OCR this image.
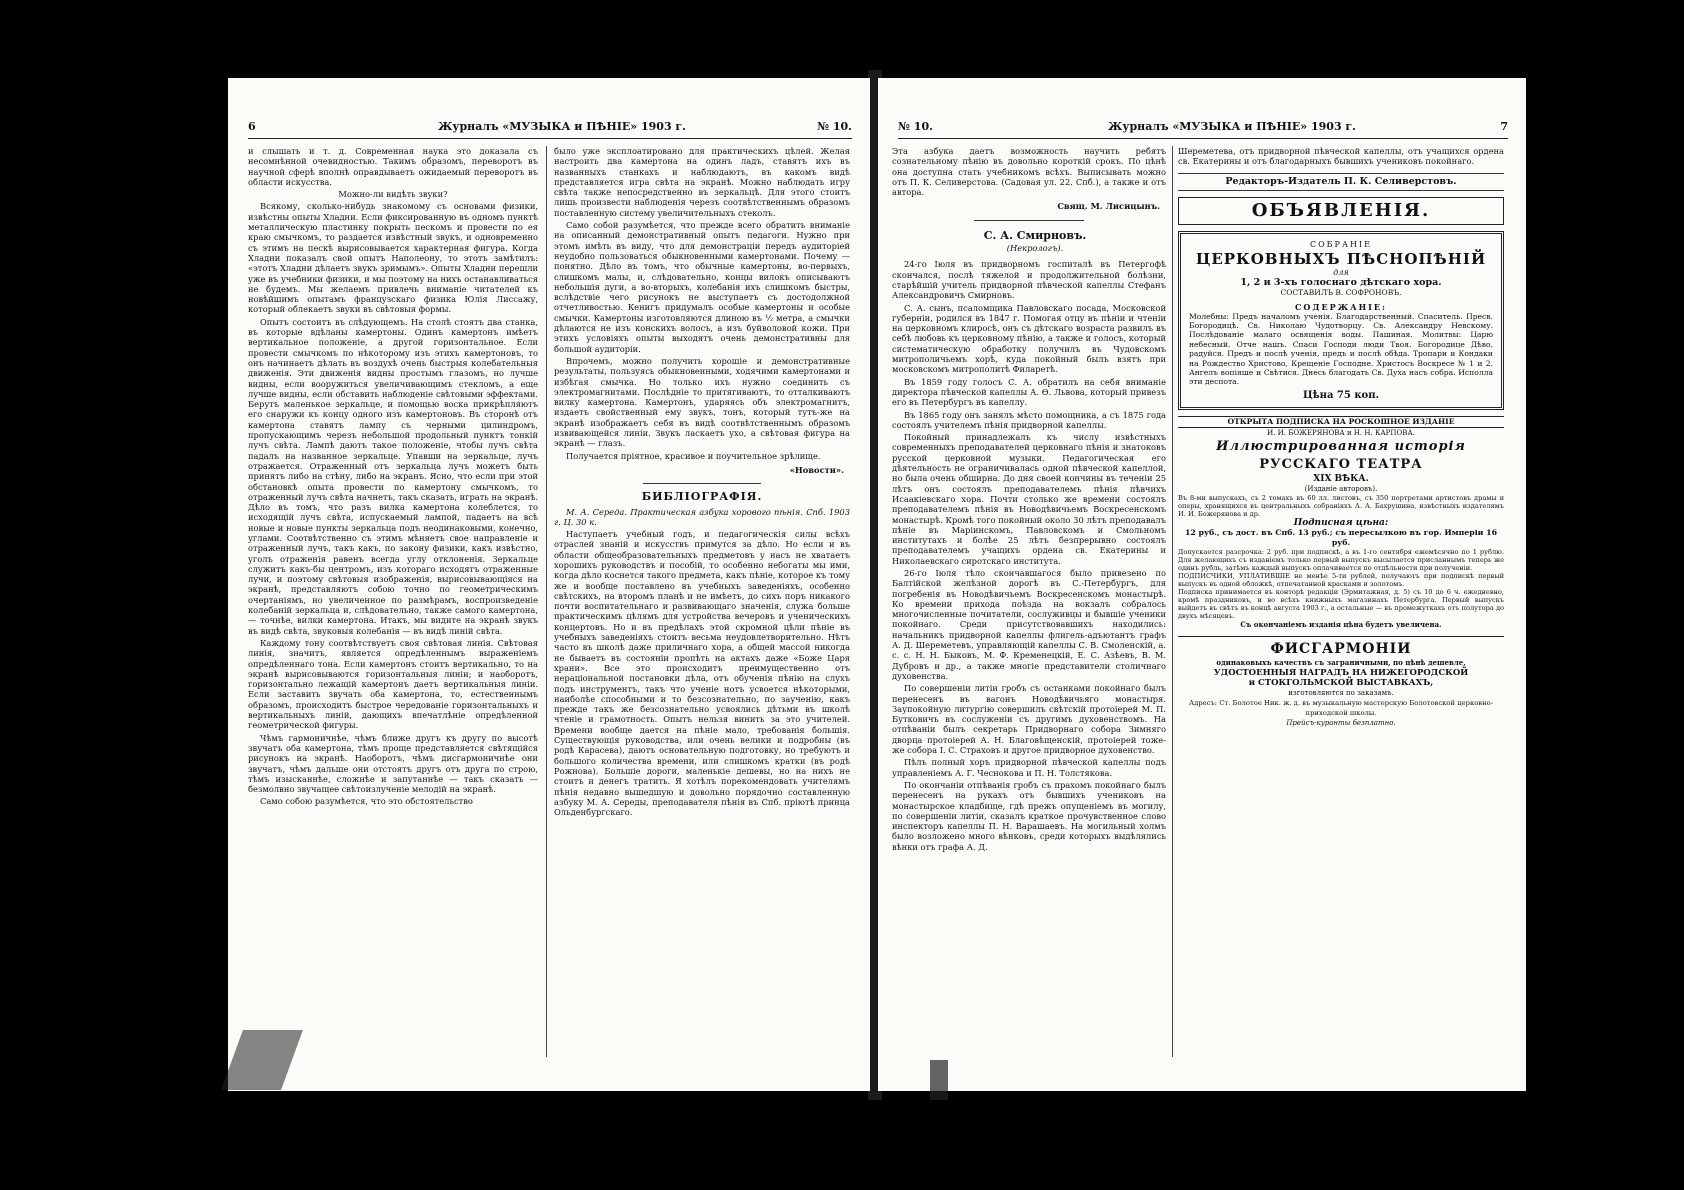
6	Журналъ «МУЗЫКА и ПѢНІЕ» 1903 г.	№ 10.

и слышать и т. д. Современная наука это доказала съ несомнѣнной очевидностью. Такимъ образомъ, переворотъ въ научной сферѣ вполнѣ оправдываетъ ожидаемый переворотъ въ области искусства.

Можно-ли видѣть звуки?

Всякому, сколько-нибудь знакомому съ основами физики, извѣстны опыты Хладни. Если фиксированную въ одномъ пунктѣ металлическую пластинку покрыть пескомъ и провести по ея краю смычкомъ, то раздается извѣстный звукъ, и одновременно съ этимъ на пескѣ вырисовывается характерная фигура. Когда Хладни показалъ свой опытъ Наполеону, то этотъ замѣтилъ: «этотъ Хладни дѣлаетъ звукъ зримымъ». Опыты Хладни перешли уже въ учебники физики, и мы поэтому на нихъ останавливаться не будемъ. Мы желаемъ привлечь вниманіе читателей къ новѣйшимъ опытамъ французскаго физика Юлія Лиссажу, который облекаетъ звуки въ свѣтовыя формы.

Опытъ состоитъ въ слѣдующемъ. На столѣ стоятъ два станка, въ которые вдѣланы камертоны. Одинъ камертонъ имѣетъ вертикальное положеніе, а другой горизонтальное. Если провести смычкомъ по нѣкоторому изъ этихъ камертоновъ, то онъ начинаетъ дѣлать въ воздухѣ очень быстрыя колебательныя движенія. Эти движенія видны простымъ глазомъ, но лучше видны, если вооружиться увеличивающимъ стекломъ, а еще лучше видны, если обставить наблюденіе свѣтовыми эффектами. Берутъ маленькое зеркальце, и помощью воска прикрѣпляютъ его снаружи къ концу одного изъ камертоновъ. Въ сторонѣ отъ камертона ставятъ лампу съ черными цилиндромъ, пропускающимъ черезъ небольшой продольный пунктъ тонкій лучъ свѣта. Лампѣ даютъ такое положеніе, чтобы лучъ свѣта падалъ на названное зеркальце. Упавши на зеркальце, лучъ отражается. Отраженный отъ зеркальца лучъ можетъ быть принятъ либо на стѣну, либо на экранъ. Ясно, что если при этой обстановкѣ опыта провести по камертону смычкомъ, то отраженный лучъ свѣта начнетъ, такъ сказать, играть на экранѣ. Дѣло въ томъ, что разъ вилка камертона колеблется, то исходящій лучъ свѣта, испускаемый лампой, падаетъ на всѣ новые и новые пункты зеркальца подъ неодинаковыми, конечно, углами. Соотвѣтственно съ этимъ мѣняетъ свое направленіе и отраженный лучъ, такъ какъ, по закону физики, какъ извѣстно, уголъ отраженія равенъ всегда углу отклоненія. Зеркальце служитъ какъ-бы центромъ, изъ котораго исходятъ отраженные лучи, и поэтому свѣтовыя изображенія, вырисовывающіяся на экранѣ, представляютъ собою точно по геометрическимъ очертаніямъ, но увеличенное по размѣрамъ, воспроизведеніе колебаній зеркальца и, слѣдовательно, также самого камертона, — точнѣе, вилки камертона. Итакъ, мы видите на экранѣ звукъ въ видѣ свѣта, звуковыя колебанія — въ видѣ линій свѣта.

Каждому тону соотвѣтствуетъ своя свѣтовая линія. Свѣтовая линія, значитъ, является опредѣленнымъ выраженіемъ опредѣленнаго тона. Если камертонъ стоитъ вертикально, то на экранѣ вырисовываются горизонтальныя линіи; и наоборотъ, горизонтально лежащій камертонъ даетъ вертикальныя линіи. Если заставить звучать оба камертона, то, естественнымъ образомъ, происходитъ быстрое чередованіе горизонтальныхъ и вертикальныхъ линій, дающихъ впечатлѣніе опредѣленной геометрической фигуры.

Чѣмъ гармоничнѣе, чѣмъ ближе другъ къ другу по высотѣ звучатъ оба камертона, тѣмъ проще представляется свѣтящійся рисунокъ на экранѣ. Наоборотъ, чѣмъ дисгармоничнѣе они звучатъ, чѣмъ дальше они отстоятъ другъ отъ друга по строю, тѣмъ изысканнѣе, сложнѣе и запутаннѣе — такъ сказать — безмолвно звучащее свѣтоизлученіе мелодій на экранѣ.

Само собою разумѣется, что это обстоятельство

было уже эксплоатировано для практическихъ цѣлей. Желая настроить два камертона на одинъ ладъ, ставятъ ихъ въ названныхъ станкахъ и наблюдаютъ, въ какомъ видѣ представляется игра свѣта на экранѣ. Можно наблюдать игру свѣта также непосредственно въ зеркальцѣ. Для этого стоитъ лишь произвести наблюденія черезъ соотвѣтственнымъ образомъ поставленную систему увеличительныхъ стеколъ.

Само собой разумѣется, что прежде всего обратить вниманіе на описанный демонстративный опытъ педагоги. Нужно при этомъ имѣть въ виду, что для демонстраціи передъ аудиторіей неудобно пользоваться обыкновенными камертонами. Почему — понятно. Дѣло въ томъ, что обычные камертоны, во-первыхъ, слишкомъ малы, и, слѣдовательно, концы вилокъ описываютъ небольшія дуги, а во-вторыхъ, колебанія ихъ слишкомъ быстры, вслѣдствіе чего рисунокъ не выступаетъ съ достодолжной отчетливостью. Кенигъ придумалъ особые камертоны и особые смычки. Камертоны изготовляются длиною въ ½ метра, а смычки дѣлаются не изъ конскихъ волосъ, а изъ буйволовой кожи. При этихъ условіяхъ опыты выходятъ очень демонстративны для большой аудиторіи.

Впрочемъ, можно получить хорошіе и демонстративные результаты, пользуясь обыкновенными, ходячими камертонами и избѣгая смычка. Но только ихъ нужно соединить съ электромагнитами. Послѣдніе то притягиваютъ, то отталкиваютъ вилку камертона. Камертонъ, ударяясь объ электромагнитъ, издаетъ свойственный ему звукъ, тонъ, который тутъ-же на экранѣ изображаетъ себя въ видѣ соотвѣтственнымъ образомъ извивающейся линіи. Звукъ ласкаетъ ухо, а свѣтовая фигура на экранѣ — глазъ.

Получается пріятное, красивое и поучительное зрѣлище.

«Новости».

БИБЛІОГРАФІЯ.

М. А. Середа. Практическая азбука хорового пѣнія. Спб. 1903 г. Ц. 30 к.

Наступаетъ учебный годъ, и педагогическія силы всѣхъ отраслей знаній и искусствъ примутся за дѣло. Но если и въ области общеобразовательныхъ предметовъ у насъ не хватаетъ хорошихъ руководствъ и пособій, то особенно небогаты мы ими, когда дѣло коснется такого предмета, какъ пѣніе, которое къ тому же и вообще поставлено въ учебныхъ заведеніяхъ, особенно свѣтскихъ, на второмъ планѣ и не имѣетъ, до сихъ поръ никакого почти воспитательнаго и развивающаго значенія, служа больше практическимъ цѣлямъ для устройства вечеровъ и ученическихъ концертовъ. Но и въ предѣлахъ этой скромной цѣли пѣніе въ учебныхъ заведеніяхъ стоитъ весьма неудовлетворительно. Нѣтъ часто въ школѣ даже приличнаго хора, а общей массой никогда не бываетъ въ состояніи пропѣть на актахъ даже «Боже Царя храни». Все это происходитъ преимущественно отъ нераціональной постановки дѣла, отъ обученія пѣнію на слухъ подъ инструментъ, такъ что ученіе нотъ усвоется нѣкоторыми, наиболѣе способными и то безсознательно, по заученію, какъ прежде такъ же безсознательно усвоялись дѣтьми въ школѣ чтеніе и грамотность. Опытъ нельзя винить за это учителей. Времени вообще дается на пѣніе мало, требованія большія. Существующія руководства, или очень велики и подробны (въ родѣ Карасева), даютъ основательную подготовку, но требуютъ и большого количества времени, или слишкомъ кратки (въ родѣ Рожнова). Большіе дороги, маленькіе дешевы, но на нихъ не стоитъ и денегъ тратить. Я хотѣлъ порекомендовать учителямъ пѣнія недавно вышедшую и довольно порядочно составленную азбуку М. А. Середы, преподавателя пѣнія въ Спб. пріютѣ принца Ольденбургскаго.

№ 10.	Журналъ «МУЗЫКА и ПѢНІЕ» 1903 г.	7

Эта азбука даетъ возможность научить ребятъ сознательному пѣнію въ довольно короткій срокъ. По цѣнѣ она доступна стать учебникомъ всѣхъ. Выписывать можно отъ П. К. Селиверстова. (Садовая ул. 22. Спб.), а также и отъ автора.

Свящ. М. Лисицынъ.

С. А. Смирновъ.

(Некрологъ).

24-го Іюля въ придворномъ госпиталѣ въ Петергофѣ скончался, послѣ тяжелой и продолжительной болѣзни, старѣйшій учитель придворной пѣвческой капеллы Стефанъ Александровичъ Смирновъ.

С. А. сынъ, псаломщика Павловскаго посада, Московской губерніи, родился въ 1847 г. Помогая отцу въ пѣніи и чтеніи на церковномъ клиросѣ, онъ съ дѣтскаго возраста развилъ въ себѣ любовь къ церковному пѣнію, а также и голосъ, который систематическую обработку получилъ въ Чудовскомъ митрополичьемъ хорѣ, куда покойный былъ взятъ при московскомъ митрополитѣ Филаретѣ.

Въ 1859 году голосъ С. А. обратилъ на себя вниманіе директора пѣвческой капеллы А. Ѳ. Львова, который привезъ его въ Петербургъ въ капеллу.

Въ 1865 году онъ занялъ мѣсто помощника, а съ 1875 года состоялъ учителемъ пѣнія придворной капеллы.

Покойный принадлежалъ къ числу извѣстныхъ современныхъ преподавателей церковнаго пѣнія и знатоковъ русской церковной музыки. Педагогическая его дѣятельность не ограничивалась одной пѣвческой капеллой, но была очень обширна. До дня своей кончины въ теченіи 25 лѣтъ онъ состоялъ преподавателемъ пѣнія пѣвчихъ Исаакіевскаго хора. Почти столько же времени состоялъ преподавателемъ пѣнія въ Новодѣвичьемъ Воскресенскомъ монастырѣ. Кромѣ того покойный около 30 лѣтъ преподавалъ пѣніе въ Маріинскомъ, Павловскомъ и Смольномъ институтахъ и болѣе 25 лѣтъ безпрерывно состоялъ преподавателемъ учащихъ ордена св. Екатерины и Николаевскаго сиротскаго института.

26-го Іюля тѣло скончавшагося было привезено по Балтійской желѣзной дорогѣ въ С.-Петербургъ, для погребенія въ Новодѣвичьемъ Воскресенскомъ монастырѣ. Ко времени прихода поѣзда на вокзалъ собралось многочисленные почитатели, сослуживцы и бывшіе ученики покойнаго. Среди присутствовавшихъ находились: начальникъ придворной капеллы флигель-адъютантъ графъ А. Д. Шереметевъ, управляющій капеллы С. В. Смоленскій, а. с. с. Н. Н. Быковъ, М. Ф. Кременецкій, Е. С. Азѣевъ, В. М. Дубровъ и др., а также многіе представители столичнаго духовенства.

По совершеніи литіи гробъ съ останками покойнаго былъ перенесенъ въ вагонъ Новодѣвичьяго монастыря. Заупокойную литургію совершилъ свѣтскій протоіерей М. П. Бутковичъ въ сослуженіи съ другимъ духовенствомъ. На отпѣваніи былъ секретарь Придворнаго собора Зимняго дворца протоіерей А. Н. Благовѣщенскій, протоіерей тоже-же собора І. С. Страховъ и другое придворное духовенство.

Пѣлъ полный хоръ придворной пѣвческой капеллы подъ управленіемъ А. Г. Чеснокова и П. Н. Толстякова.

По окончаніи отпѣванія гробъ съ прахомъ покойнаго былъ перенесенъ на рукахъ отъ бывшихъ учениковъ на монастырское кладбище, гдѣ прежъ опущеніемъ въ могилу, по совершеніи литіи, сказалъ краткое прочувственное слово инспекторъ капеллы П. Н. Варашаевъ. На могильный холмъ было возложено много вѣнковъ, среди которыхъ выдѣлялись вѣнки отъ графа А. Д.

Шереметева, отъ придворной пѣвческой капеллы, отъ учащихся ордена св. Екатерины и отъ благодарныхъ бывшихъ учениковъ покойнаго.
Редакторъ-Издатель П. К. Селиверстовъ.
ОБЪЯВЛЕНІЯ.
СОБРАНІЕ
ЦЕРКОВНЫХЪ ПѢСНОПѢНІЙ
для
1, 2 и 3-хъ голоснаго дѣтскаго хора.
СОСТАВИЛЪ В. СОФРОНОВЪ.
СОДЕРЖАНІЕ:
Молебны: Предъ началомъ ученія. Благодарственный. Спаситель. Пресв. Богородицѣ. Св. Николаю Чудотворцу. Св. Александру Невскому. Послѣдованіе малаго освященія воды. Пашиная. Молитвы: Царю небесный. Отче нашъ. Спаси Господи люди Твоя. Богородице Дѣво, радуйся. Предъ и послѣ ученія, предъ и послѣ обѣда. Тропари и Кондаки на Рождество Христово, Крещеніе Господне. Христосъ Воскресе № 1 и 2. Ангелъ вопіяше и Свѣтися. Днесь благодать Св. Духа насъ собра. Исполла эти деспота.
Цѣна 75 коп.
ОТКРЫТА ПОДПИСКА НА РОСКОШНОЕ ИЗДАНІЕ
И. И. БОЖЕРЯНОВА и Н. Н. КАРПОВА.
Иллюстрированная исторія
РУССКАГО ТЕАТРА
XIX ВѢКА.
(Изданіе авторовъ).
Въ 8-ми выпускахъ, съ 2 томахъ въ 60 лл. листовъ, съ 350 портретами артистовъ драмы и оперы, хранящихся въ центральныхъ собраніяхъ А. А. Бахрушина, извѣстныхъ издателямъ И. И. Божерянова и др.
Подписная цѣна:
12 руб., съ дост. въ Спб. 13 руб.; съ пересылкою въ гор. Имперіи 16 руб.
Допускается разсрочка: 2 руб. при подпискѣ, а въ 1-го сентября ежемѣсячно по 1 рублю. Для желающихъ съ изданіемъ только первый выпускъ высылается присланнымъ теперь же одинъ рубль, затѣмъ каждый выпускъ оплачивается по отдѣльности при полученіи.
ПОДПИСЧИКИ, УПЛАТИВШІЕ не менѣе 5-ти рублей, получаютъ при подпискѣ первый выпускъ въ одной обложкѣ, отпечатанной красками и золотомъ.
Подписка принимается въ конторѣ редакціи (Эрмитажная, д. 5) съ 10 до 6 ч. ежедневно, кромѣ праздниковъ, и во всѣхъ книжныхъ магазинахъ Петербурга. Первый выпускъ выйдетъ въ свѣтъ въ концѣ августа 1903 г., а остальные — въ промежуткахъ отъ полутора до двухъ мѣсяцевъ.
Съ окончаніемъ изданія цѣна будетъ увеличена.
ФИСГАРМОНІИ
одинаковыхъ качествъ съ заграничными, по цѣнѣ дешевле,
УДОСТОЕННЫЯ НАГРАДЪ НА НИЖЕГОРОДСКОЙ
и СТОКГОЛЬМСКОЙ ВЫСТАВКАХЪ,
изготовляются по заказамъ.
Адресъ: Ст. Болотое Ник. ж. д. въ музыкальную мастерскую Болотовской церковно-приходской школы.
Прейсъ-куранты безплатно.
